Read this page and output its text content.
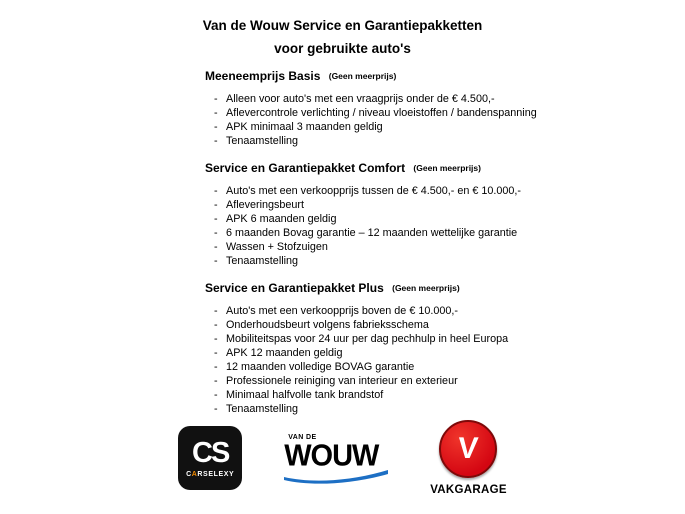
Van de Wouw Service en Garantiepakketten
voor gebruikte auto's
Meeneemprijs Basis (Geen meerprijs)
- Alleen voor auto's met een vraagprijs onder de € 4.500,-
- Aflevercontrole verlichting / niveau vloeistoffen / bandenspanning
- APK minimaal 3 maanden geldig
- Tenaamstelling
Service en Garantiepakket Comfort (Geen meerprijs)
- Auto's met een verkoopprijs tussen de € 4.500,- en € 10.000,-
- Afleveringsbeurt
- APK 6 maanden geldig
- 6 maanden Bovag garantie – 12 maanden wettelijke garantie
- Wassen + Stofzuigen
- Tenaamstelling
Service en Garantiepakket Plus (Geen meerprijs)
- Auto's met een verkoopprijs boven de € 10.000,-
- Onderhoudsbeurt volgens fabrieksschema
- Mobiliteitspas voor 24 uur per dag pechhulp in heel Europa
- APK 12 maanden geldig
- 12 maanden volledige BOVAG garantie
- Professionele reiniging van interieur en exterieur
- Minimaal halfvolle tank brandstof
- Tenaamstelling
CS
CARSELEXY
VAN DE
WOUW	V
VAKGARAGE
